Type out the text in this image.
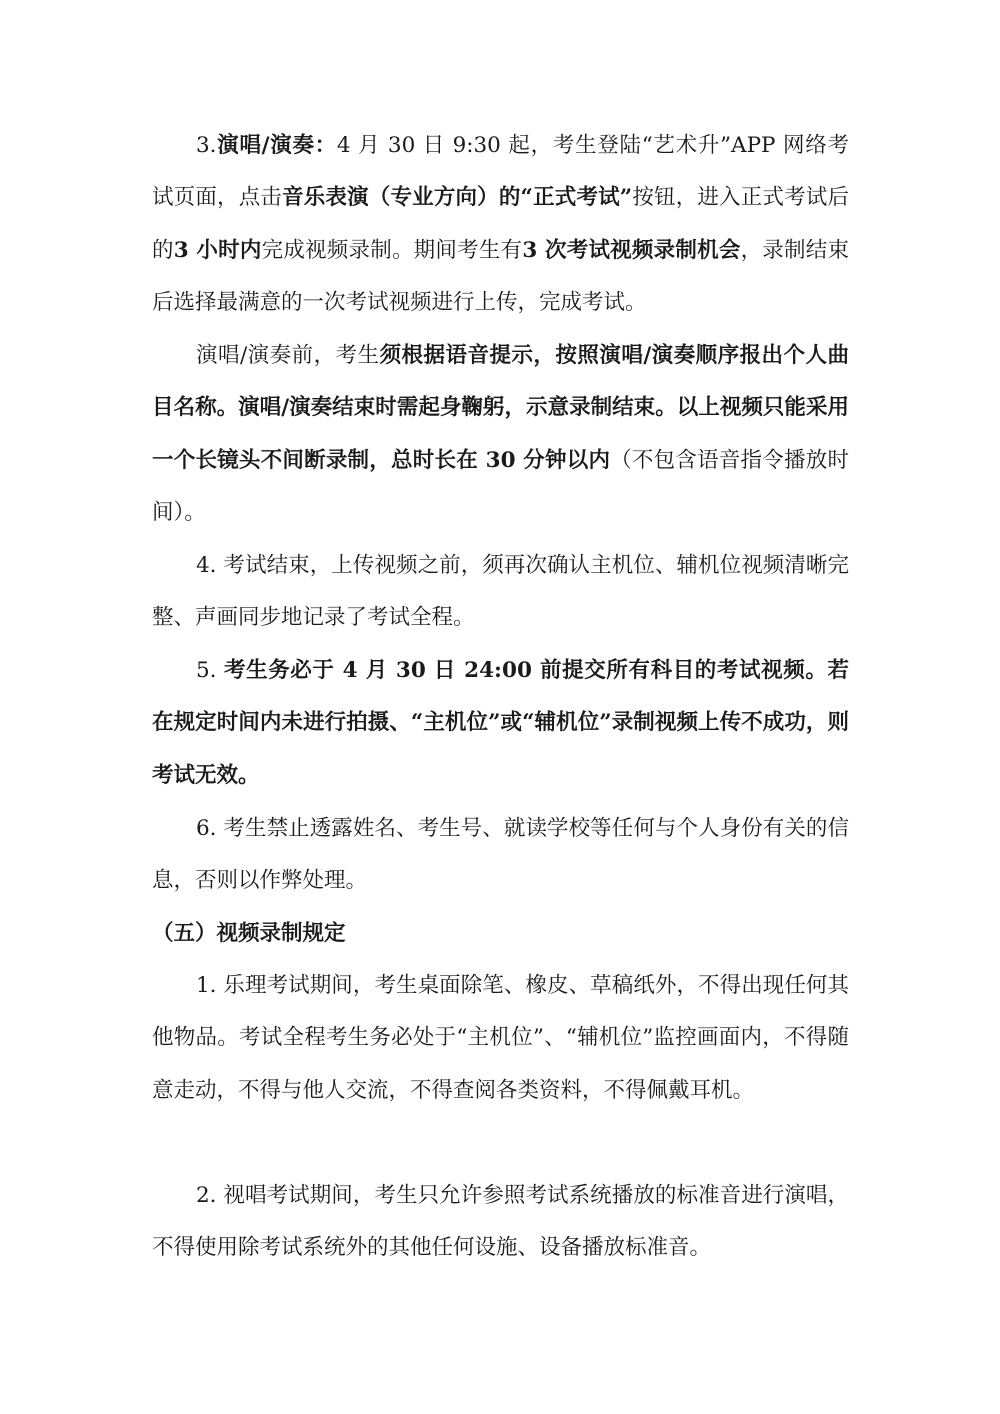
3.演唱/演奏：4 月 30 日 9:30 起，考生登陆“艺术升”APP 网络考试页面，点击音乐表演（专业方向）的“正式考试”按钮，进入正式考试后的3 小时内完成视频录制。期间考生有3 次考试视频录制机会，录制结束后选择最满意的一次考试视频进行上传，完成考试。

演唱/演奏前，考生须根据语音提示，按照演唱/演奏顺序报出个人曲目名称。演唱/演奏结束时需起身鞠躬，示意录制结束。以上视频只能采用一个长镜头不间断录制，总时长在 30 分钟以内（不包含语音指令播放时间）。

4. 考试结束，上传视频之前，须再次确认主机位、辅机位视频清晰完整、声画同步地记录了考试全程。

5. 考生务必于 4 月 30 日 24:00 前提交所有科目的考试视频。若在规定时间内未进行拍摄、“主机位”或“辅机位”录制视频上传不成功，则考试无效。

6. 考生禁止透露姓名、考生号、就读学校等任何与个人身份有关的信息，否则以作弊处理。

（五）视频录制规定

1. 乐理考试期间，考生桌面除笔、橡皮、草稿纸外，不得出现任何其他物品。考试全程考生务必处于“主机位”、“辅机位”监控画面内，不得随意走动，不得与他人交流，不得查阅各类资料，不得佩戴耳机。

2. 视唱考试期间，考生只允许参照考试系统播放的标准音进行演唱，不得使用除考试系统外的其他任何设施、设备播放标准音。
